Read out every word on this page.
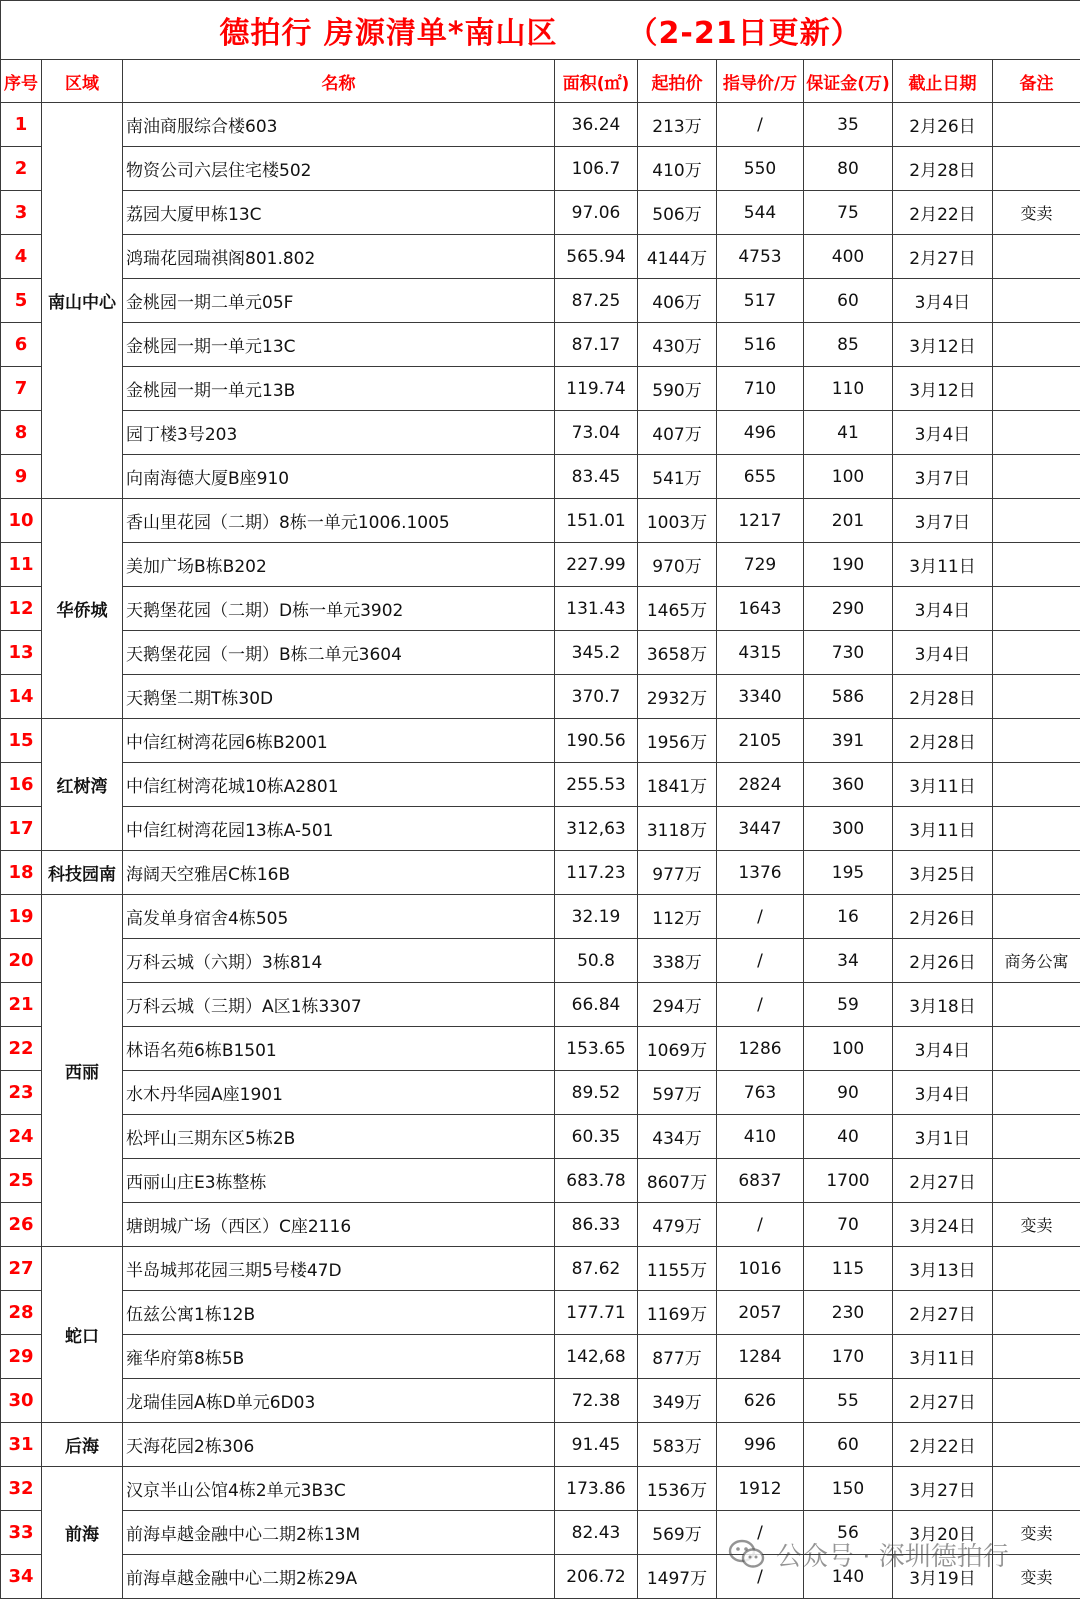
德拍行 房源清单*南山区 （2-21日更新）								
序号	区域	名称	面积(㎡)	起拍价	指导价/万	保证金(万)	截止日期	备注
1	南山中心	南油商服综合楼603	36.24	213万	/	35	2月26日	
2		物资公司六层住宅楼502	106.7	410万	550	80	2月28日	
3		荔园大厦甲栋13C	97.06	506万	544	75	2月22日	变卖
4		鸿瑞花园瑞祺阁801.802	565.94	4144万	4753	400	2月27日	
5		金桃园一期二单元05F	87.25	406万	517	60	3月4日	
6		金桃园一期一单元13C	87.17	430万	516	85	3月12日	
7		金桃园一期一单元13B	119.74	590万	710	110	3月12日	
8		园丁楼3号203	73.04	407万	496	41	3月4日	
9		向南海德大厦B座910	83.45	541万	655	100	3月7日	
10	华侨城	香山里花园（二期）8栋一单元1006.1005	151.01	1003万	1217	201	3月7日	
11		美加广场B栋B202	227.99	970万	729	190	3月11日	
12		天鹅堡花园（二期）D栋一单元3902	131.43	1465万	1643	290	3月4日	
13		天鹅堡花园（一期）B栋二单元3604	345.2	3658万	4315	730	3月4日	
14		天鹅堡二期T栋30D	370.7	2932万	3340	586	2月28日	
15	红树湾	中信红树湾花园6栋B2001	190.56	1956万	2105	391	2月28日	
16		中信红树湾花城10栋A2801	255.53	1841万	2824	360	3月11日	
17		中信红树湾花园13栋A-501	312,63	3118万	3447	300	3月11日	
18	科技园南	海阔天空雅居C栋16B	117.23	977万	1376	195	3月25日	
19	西丽	高发单身宿舍4栋505	32.19	112万	/	16	2月26日	
20		万科云城（六期）3栋814	50.8	338万	/	34	2月26日	商务公寓
21		万科云城（三期）A区1栋3307	66.84	294万	/	59	3月18日	
22		林语名苑6栋B1501	153.65	1069万	1286	100	3月4日	
23		水木丹华园A座1901	89.52	597万	763	90	3月4日	
24		松坪山三期东区5栋2B	60.35	434万	410	40	3月1日	
25		西丽山庄E3栋整栋	683.78	8607万	6837	1700	2月27日	
26		塘朗城广场（西区）C座2116	86.33	479万	/	70	3月24日	变卖
27	蛇口	半岛城邦花园三期5号楼47D	87.62	1155万	1016	115	3月13日	
28		伍兹公寓1栋12B	177.71	1169万	2057	230	2月27日	
29		雍华府第8栋5B	142,68	877万	1284	170	3月11日	
30		龙瑞佳园A栋D单元6D03	72.38	349万	626	55	2月27日	
31	后海	天海花园2栋306	91.45	583万	996	60	2月22日	
32	前海	汉京半山公馆4栋2单元3B3C	173.86	1536万	1912	150	3月27日	
33		前海卓越金融中心二期2栋13M	82.43	569万	/	56	3月20日	变卖
34		前海卓越金融中心二期2栋29A	206.72	1497万	/	140	3月19日	变卖
公众号 · 深圳德拍行
